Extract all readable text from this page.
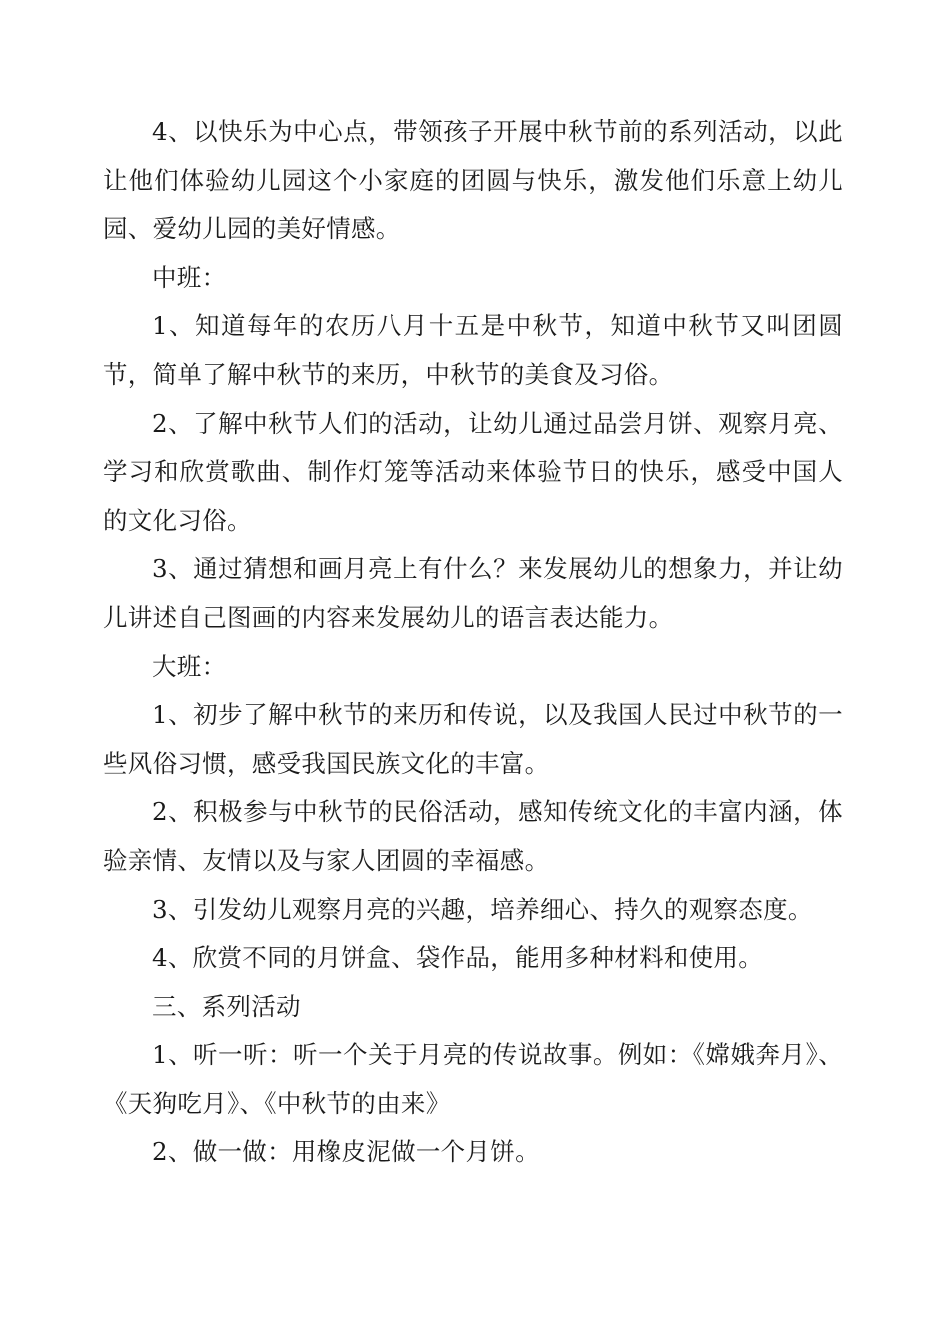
4、以快乐为中心点，带领孩子开展中秋节前的系列活动，以此让他们体验幼儿园这个小家庭的团圆与快乐，激发他们乐意上幼儿园、爱幼儿园的美好情感。

中班：

1、知道每年的农历八月十五是中秋节，知道中秋节又叫团圆节，简单了解中秋节的来历，中秋节的美食及习俗。

2、了解中秋节人们的活动，让幼儿通过品尝月饼、观察月亮、学习和欣赏歌曲、制作灯笼等活动来体验节日的快乐，感受中国人的文化习俗。

3、通过猜想和画月亮上有什么？来发展幼儿的想象力，并让幼儿讲述自己图画的内容来发展幼儿的语言表达能力。

大班：

1、初步了解中秋节的来历和传说，以及我国人民过中秋节的一些风俗习惯，感受我国民族文化的丰富。

2、积极参与中秋节的民俗活动，感知传统文化的丰富内涵，体验亲情、友情以及与家人团圆的幸福感。

3、引发幼儿观察月亮的兴趣，培养细心、持久的观察态度。

4、欣赏不同的月饼盒、袋作品，能用多种材料和使用。

三、系列活动

1、听一听：听一个关于月亮的传说故事。例如：《嫦娥奔月》、《天狗吃月》、《中秋节的由来》

2、做一做：用橡皮泥做一个月饼。
